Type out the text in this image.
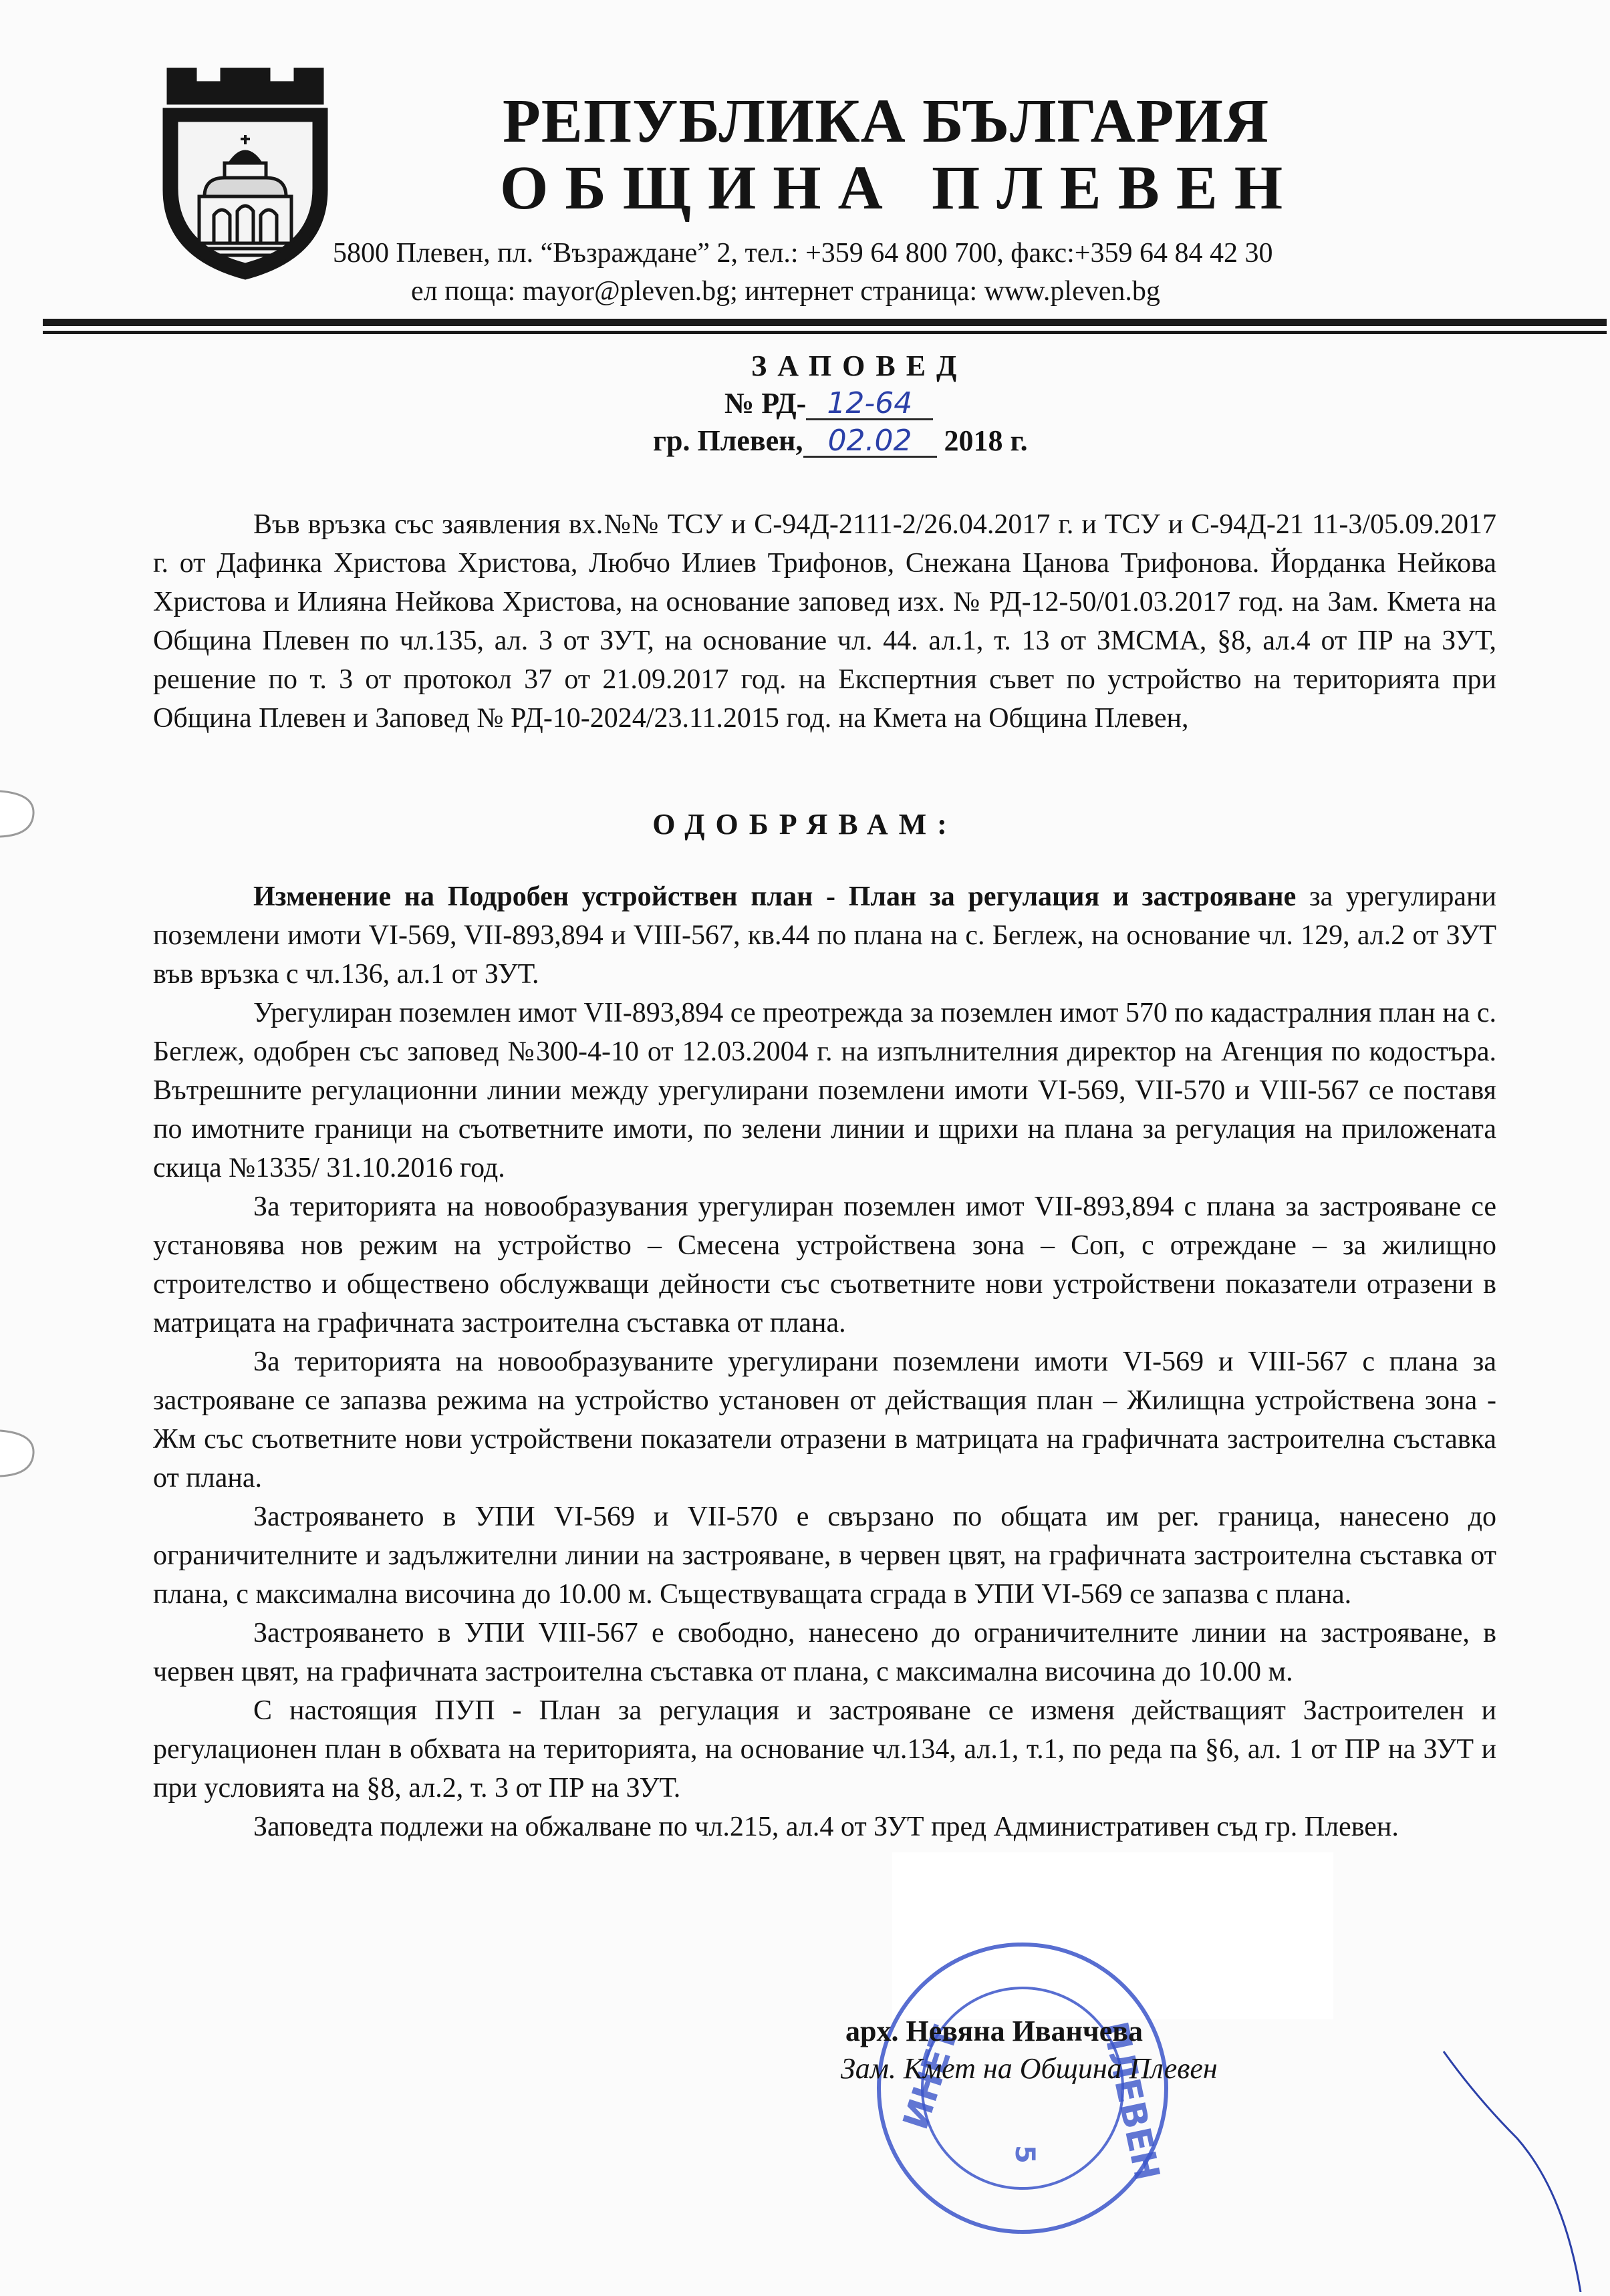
РЕПУБЛИКА БЪЛГАРИЯ
ОБЩИНА ПЛЕВЕН
5800 Плевен, пл. “Възраждане” 2, тел.: +359 64 800 700, факс:+359 64 84 42 30
ел поща: mayor@pleven.bg; интернет страница: www.pleven.bg
ЗАПОВЕД
№ РД- 12-64
гр. Плевен, 02.02 2018 г.
Във връзка със заявления вх.№№ ТСУ и С-94Д-2111-2/26.04.2017 г. и ТСУ и С-94Д-21 11-3/05.09.2017 г. от Дафинка Христова Христова, Любчо Илиев Трифонов, Снежана Цанова Трифонова. Йорданка Нейкова Христова и Илияна Нейкова Христова, на основание заповед изх. № РД-12-50/01.03.2017 год. на Зам. Кмета на Община Плевен по чл.135, ал. 3 от ЗУТ, на основание чл. 44. ал.1, т. 13 от ЗМСМА, §8, ал.4 от ПР на ЗУТ, решение по т. 3 от протокол 37 от 21.09.2017 год. на Експертния съвет по устройство на територията при Община Плевен и Заповед № РД-10-2024/23.11.2015 год. на Кмета на Община Плевен,
ОДОБРЯВАМ:

Изменение на Подробен устройствен план - План за регулация и застрояване за урегулирани поземлени имоти VI-569, VII-893,894 и VIII-567, кв.44 по плана на с. Беглеж, на основание чл. 129, ал.2 от ЗУТ във връзка с чл.136, ал.1 от ЗУТ.

Урегулиран поземлен имот VII-893,894 се преотрежда за поземлен имот 570 по кадастралния план на с. Беглеж, одобрен със заповед №300-4-10 от 12.03.2004 г. на изпълнителния директор на Агенция по кодостъра. Вътрешните регулационни линии между урегулирани поземлени имоти VI-569, VII-570 и VIII-567 се поставя по имотните граници на съответните имоти, по зелени линии и щрихи на плана за регулация на приложената скица №1335/ 31.10.2016 год.

За територията на новообразувания урегулиран поземлен имот VII-893,894 с плана за застрояване се установява нов режим на устройство – Смесена устройствена зона – Соп, с отреждане – за жилищно строителство и обществено обслужващи дейности със съответните нови устройствени показатели отразени в матрицата на графичната застроителна съставка от плана.

За територията на новообразуваните урегулирани поземлени имоти VI-569 и VIII-567 с плана за застрояване се запазва режима на устройство установен от действащия план – Жилищна устройствена зона - Жм със съответните нови устройствени показатели отразени в матрицата на графичната застроителна съставка от плана.

Застрояването в УПИ VI-569 и VII-570 е свързано по общата им рег. граница, нанесено до ограничителните и задължителни линии на застрояване, в червен цвят, на графичната застроителна съставка от плана, с максимална височина до 10.00 м. Съществуващата сграда в УПИ VI-569 се запазва с плана.

Застрояването в УПИ VIII-567 е свободно, нанесено до ограничителните линии на застрояване, в червен цвят, на графичната застроителна съставка от плана, с максимална височина до 10.00 м.

С настоящия ПУП - План за регулация и застрояване се изменя действащият Застроителен и регулационен план в обхвата на територията, на основание чл.134, ал.1, т.1, по реда па §6, ал. 1 от ПР на ЗУТ и при условията на §8, ал.2, т. 3 от ПР на ЗУТ.

Заповедта подлежи на обжалване по чл.215, ал.4 от ЗУТ пред Административен съд гр. Плевен.

ИНЕТ	ПЛЕВЕН
5
арх. Невяна Иванчева
Зам. Кмет на Община Плевен
